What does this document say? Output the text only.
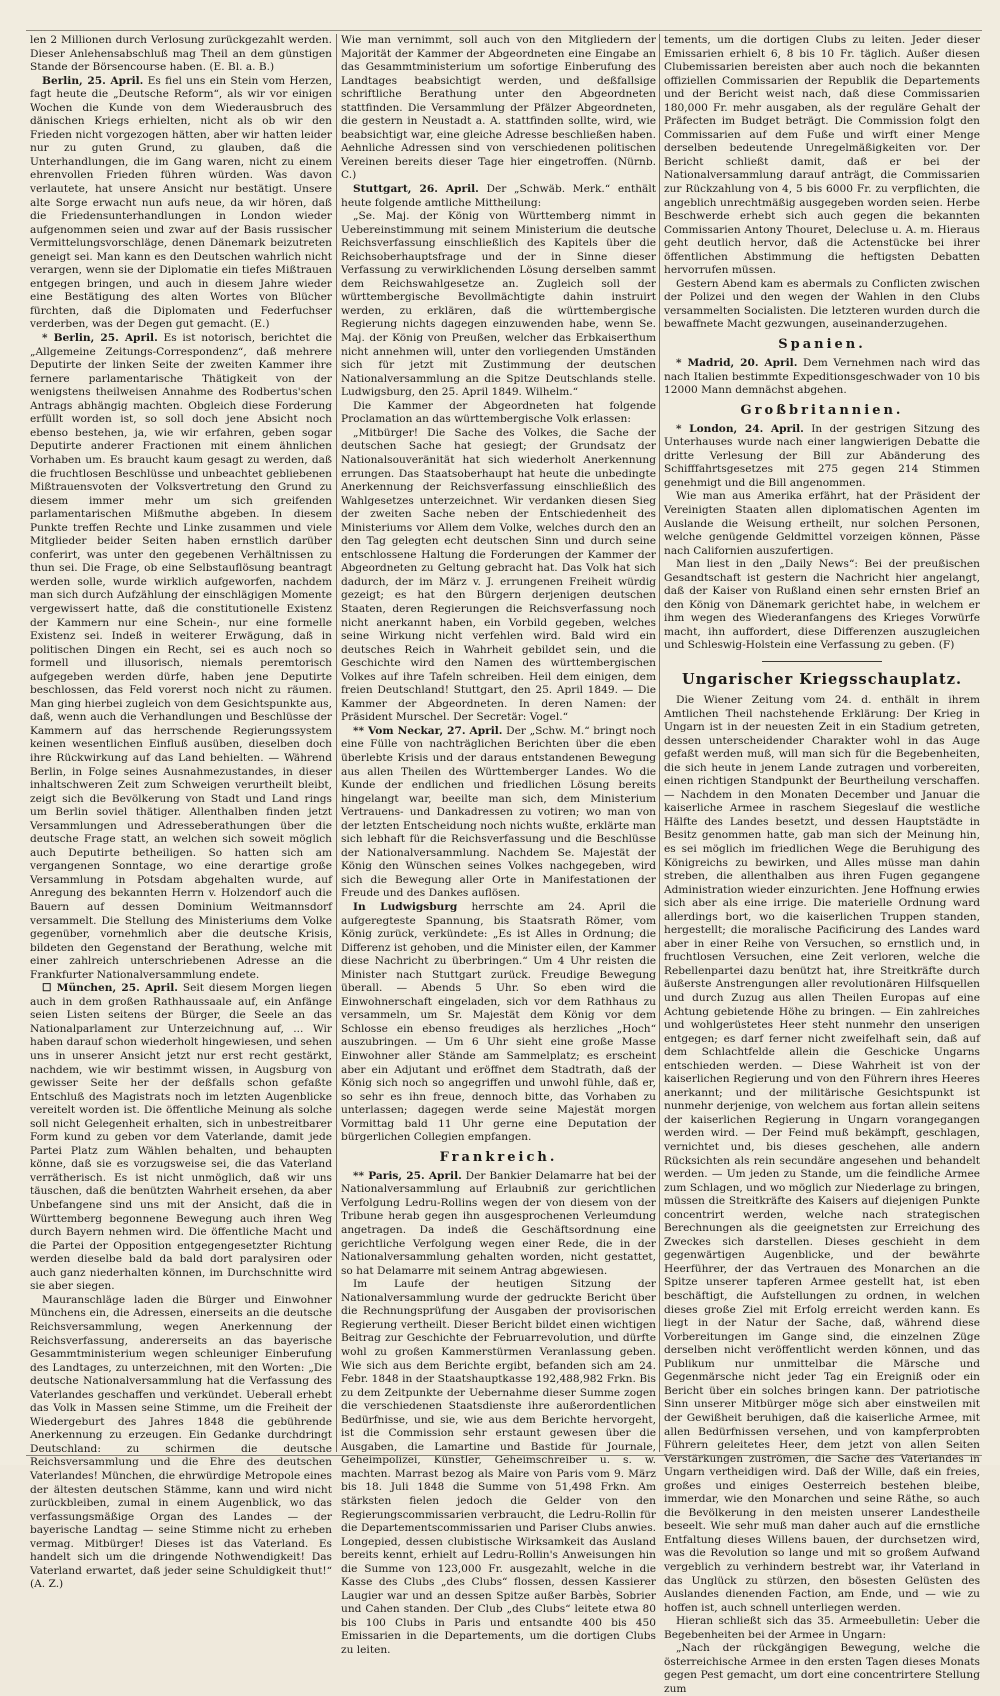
len 2 Millionen durch Verlosung zurückgezahlt werden. Dieser Anlehensabschluß mag Theil an dem günstigen Stande der Börsencourse haben. (E. Bl. a. B.)

Berlin, 25. April. Es fiel uns ein Stein vom Herzen, fagt heute die „Deutsche Reform“, als wir vor einigen Wochen die Kunde von dem Wiederausbruch des dänischen Kriegs erhielten, nicht als ob wir den Frieden nicht vorgezogen hätten, aber wir hatten leider nur zu guten Grund, zu glauben, daß die Unterhandlungen, die im Gang waren, nicht zu einem ehrenvollen Frieden führen würden. Was davon verlautete, hat unsere Ansicht nur bestätigt. Unsere alte Sorge erwacht nun aufs neue, da wir hören, daß die Friedensunterhandlungen in London wieder aufgenommen seien und zwar auf der Basis russischer Vermittelungsvorschläge, denen Dänemark beizutreten geneigt sei. Man kann es den Deutschen wahrlich nicht verargen, wenn sie der Diplomatie ein tiefes Mißtrauen entgegen bringen, und auch in diesem Jahre wieder eine Bestätigung des alten Wortes von Blücher fürchten, daß die Diplomaten und Federfuchser verderben, was der Degen gut gemacht. (E.)

* Berlin, 25. April. Es ist notorisch, berichtet die „Allgemeine Zeitungs-Correspondenz“, daß mehrere Deputirte der linken Seite der zweiten Kammer ihre fernere parlamentarische Thätigkeit von der wenigstens theilweisen Annahme des Rodbertus'schen Antrags abhängig machten. Obgleich diese Forderung erfüllt worden ist, so soll doch jene Absicht noch ebenso bestehen, ja, wie wir erfahren, geben sogar Deputirte anderer Fractionen mit einem ähnlichen Vorhaben um. Es braucht kaum gesagt zu werden, daß die fruchtlosen Beschlüsse und unbeachtet gebliebenen Mißtrauensvoten der Volksvertretung den Grund zu diesem immer mehr um sich greifenden parlamentarischen Mißmuthe abgeben. In diesem Punkte treffen Rechte und Linke zusammen und viele Mitglieder beider Seiten haben ernstlich darüber conferirt, was unter den gegebenen Verhältnissen zu thun sei. Die Frage, ob eine Selbstauflösung beantragt werden solle, wurde wirklich aufgeworfen, nachdem man sich durch Aufzählung der einschlägigen Momente vergewissert hatte, daß die constitutionelle Existenz der Kammern nur eine Schein-, nur eine formelle Existenz sei. Indeß in weiterer Erwägung, daß in politischen Dingen ein Recht, sei es auch noch so formell und illusorisch, niemals peremtorisch aufgegeben werden dürfe, haben jene Deputirte beschlossen, das Feld vorerst noch nicht zu räumen. Man ging hierbei zugleich von dem Gesichtspunkte aus, daß, wenn auch die Verhandlungen und Beschlüsse der Kammern auf das herrschende Regierungssystem keinen wesentlichen Einfluß ausüben, dieselben doch ihre Rückwirkung auf das Land behielten. — Während Berlin, in Folge seines Ausnahmezustandes, in dieser inhaltschweren Zeit zum Schweigen verurtheilt bleibt, zeigt sich die Bevölkerung von Stadt und Land rings um Berlin soviel thätiger. Allenthalben finden jetzt Versammlungen und Adresseberathungen über die deutsche Frage statt, an welchen sich soweit möglich auch Deputirte betheiligen. So hatten sich am vergangenen Sonntage, wo eine derartige große Versammlung in Potsdam abgehalten wurde, auf Anregung des bekannten Herrn v. Holzendorf auch die Bauern auf dessen Dominium Weitmannsdorf versammelt. Die Stellung des Ministeriums dem Volke gegenüber, vornehmlich aber die deutsche Krisis, bildeten den Gegenstand der Berathung, welche mit einer zahlreich unterschriebenen Adresse an die Frankfurter Nationalversammlung endete.

☐ München, 25. April. Seit diesem Morgen liegen auch in dem großen Rathhaussaale auf, ein Anfänge seien Listen seitens der Bürger, die Seele an das Nationalparlament zur Unterzeichnung auf, ... Wir haben darauf schon wiederholt hingewiesen, und sehen uns in unserer Ansicht jetzt nur erst recht gestärkt, nachdem, wie wir bestimmt wissen, in Augsburg von gewisser Seite her der deßfalls schon gefaßte Entschluß des Magistrats noch im letzten Augenblicke vereitelt worden ist. Die öffentliche Meinung als solche soll nicht Gelegenheit erhalten, sich in unbestreitbarer Form kund zu geben vor dem Vaterlande, damit jede Partei Platz zum Wählen behalten, und behaupten könne, daß sie es vorzugsweise sei, die das Vaterland verrätherisch. Es ist nicht unmöglich, daß wir uns täuschen, daß die benützten Wahrheit ersehen, da aber Unbefangene sind uns mit der Ansicht, daß die in Württemberg begonnene Bewegung auch ihren Weg durch Bayern nehmen wird. Die öffentliche Macht und die Partei der Opposition entgegengesetzter Richtung werden dieselbe bald da bald dort paralysiren oder auch ganz niederhalten können, im Durchschnitte wird sie aber siegen.

Mauranschläge laden die Bürger und Einwohner Münchens ein, die Adressen, einerseits an die deutsche Reichsversammlung, wegen Anerkennung der Reichsverfassung, andererseits an das bayerische Gesammtministerium wegen schleuniger Einberufung des Landtages, zu unterzeichnen, mit den Worten: „Die deutsche Nationalversammlung hat die Verfassung des Vaterlandes geschaffen und verkündet. Ueberall erhebt das Volk in Massen seine Stimme, um die Freiheit der Wiedergeburt des Jahres 1848 die gebührende Anerkennung zu erzeugen. Ein Gedanke durchdringt Deutschland: zu schirmen die deutsche Reichsversammlung und die Ehre des deutschen Vaterlandes! München, die ehrwürdige Metropole eines der ältesten deutschen Stämme, kann und wird nicht zurückbleiben, zumal in einem Augenblick, wo das verfassungsmäßige Organ des Landes — der bayerische Landtag — seine Stimme nicht zu erheben vermag. Mitbürger! Dieses ist das Vaterland. Es handelt sich um die dringende Nothwendigkeit! Das Vaterland erwartet, daß jeder seine Schuldigkeit thut!“ (A. Z.)

Wie man vernimmt, soll auch von den Mitgliedern der Majorität der Kammer der Abgeordneten eine Eingabe an das Gesammtministerium um sofortige Einberufung des Landtages beabsichtigt werden, und deßfallsige schriftliche Berathung unter den Abgeordneten stattfinden. Die Versammlung der Pfälzer Abgeordneten, die gestern in Neustadt a. A. stattfinden sollte, wird, wie beabsichtigt war, eine gleiche Adresse beschließen haben. Aehnliche Adressen sind von verschiedenen politischen Vereinen bereits dieser Tage hier eingetroffen. (Nürnb. C.)

Stuttgart, 26. April. Der „Schwäb. Merk.“ enthält heute folgende amtliche Mittheilung:

„Se. Maj. der König von Württemberg nimmt in Uebereinstimmung mit seinem Ministerium die deutsche Reichsverfassung einschließlich des Kapitels über die Reichsoberhauptsfrage und der in Sinne dieser Verfassung zu verwirklichenden Lösung derselben sammt dem Reichswahlgesetze an. Zugleich soll der württembergische Bevollmächtigte dahin instruirt werden, zu erklären, daß die württembergische Regierung nichts dagegen einzuwenden habe, wenn Se. Maj. der König von Preußen, welcher das Erbkaiserthum nicht annehmen will, unter den vorliegenden Umständen sich für jetzt mit Zustimmung der deutschen Nationalversammlung an die Spitze Deutschlands stelle. Ludwigsburg, den 25. April 1849. Wilhelm.“

Die Kammer der Abgeordneten hat folgende Proclamation an das württembergische Volk erlassen:

„Mitbürger! Die Sache des Volkes, die Sache der deutschen Sache hat gesiegt; der Grundsatz der Nationalsouveränität hat sich wiederholt Anerkennung errungen. Das Staatsoberhaupt hat heute die unbedingte Anerkennung der Reichsverfassung einschließlich des Wahlgesetzes unterzeichnet. Wir verdanken diesen Sieg der zweiten Sache neben der Entschiedenheit des Ministeriums vor Allem dem Volke, welches durch den an den Tag gelegten echt deutschen Sinn und durch seine entschlossene Haltung die Forderungen der Kammer der Abgeordneten zu Geltung gebracht hat. Das Volk hat sich dadurch, der im März v. J. errungenen Freiheit würdig gezeigt; es hat den Bürgern derjenigen deutschen Staaten, deren Regierungen die Reichsverfassung noch nicht anerkannt haben, ein Vorbild gegeben, welches seine Wirkung nicht verfehlen wird. Bald wird ein deutsches Reich in Wahrheit gebildet sein, und die Geschichte wird den Namen des württembergischen Volkes auf ihre Tafeln schreiben. Heil dem einigen, dem freien Deutschland! Stuttgart, den 25. April 1849. — Die Kammer der Abgeordneten. In deren Namen: der Präsident Murschel. Der Secretär: Vogel.“

** Vom Neckar, 27. April. Der „Schw. M.“ bringt noch eine Fülle von nachträglichen Berichten über die eben überlebte Krisis und der daraus entstandenen Bewegung aus allen Theilen des Württemberger Landes. Wo die Kunde der endlichen und friedlichen Lösung bereits hingelangt war, beeilte man sich, dem Ministerium Vertrauens- und Dankadressen zu votiren; wo man von der letzten Entscheidung noch nichts wußte, erklärte man sich lebhaft für die Reichsverfassung und die Beschlüsse der Nationalversammlung. Nachdem Se. Majestät der König den Wünschen seines Volkes nachgegeben, wird sich die Bewegung aller Orte in Manifestationen der Freude und des Dankes auflösen.

In Ludwigsburg herrschte am 24. April die aufgeregteste Spannung, bis Staatsrath Römer, vom König zurück, verkündete: „Es ist Alles in Ordnung; die Differenz ist gehoben, und die Minister eilen, der Kammer diese Nachricht zu überbringen.“ Um 4 Uhr reisten die Minister nach Stuttgart zurück. Freudige Bewegung überall. — Abends 5 Uhr. So eben wird die Einwohnerschaft eingeladen, sich vor dem Rathhaus zu versammeln, um Sr. Majestät dem König vor dem Schlosse ein ebenso freudiges als herzliches „Hoch“ auszubringen. — Um 6 Uhr sieht eine große Masse Einwohner aller Stände am Sammelplatz; es erscheint aber ein Adjutant und eröffnet dem Stadtrath, daß der König sich noch so angegriffen und unwohl fühle, daß er, so sehr es ihn freue, dennoch bitte, das Vorhaben zu unterlassen; dagegen werde seine Majestät morgen Vormittag bald 11 Uhr gerne eine Deputation der bürgerlichen Collegien empfangen.

Frankreich.

** Paris, 25. April. Der Bankier Delamarre hat bei der Nationalversammlung auf Erlaubniß zur gerichtlichen Verfolgung Ledru-Rollins wegen der von diesem von der Tribune herab gegen ihn ausgesprochenen Verleumdung angetragen. Da indeß die Geschäftsordnung eine gerichtliche Verfolgung wegen einer Rede, die in der Nationalversammlung gehalten worden, nicht gestattet, so hat Delamarre mit seinem Antrag abgewiesen.

Im Laufe der heutigen Sitzung der Nationalversammlung wurde der gedruckte Bericht über die Rechnungsprüfung der Ausgaben der provisorischen Regierung vertheilt. Dieser Bericht bildet einen wichtigen Beitrag zur Geschichte der Februarrevolution, und dürfte wohl zu großen Kammerstürmen Veranlassung geben. Wie sich aus dem Berichte ergibt, befanden sich am 24. Febr. 1848 in der Staatshauptkasse 192,488,982 Frkn. Bis zu dem Zeitpunkte der Uebernahme dieser Summe zogen die verschiedenen Staatsdienste ihre außerordentlichen Bedürfnisse, und sie, wie aus dem Berichte hervorgeht, ist die Commission sehr erstaunt gewesen über die Ausgaben, die Lamartine und Bastide für Journale, Geheimpolizei, Künstler, Geheimschreiber u. s. w. machten. Marrast bezog als Maire von Paris vom 9. März bis 18. Juli 1848 die Summe von 51,498 Frkn. Am stärksten fielen jedoch die Gelder von den Regierungscommissarien verbraucht, die Ledru-Rollin für die Departementscommissarien und Pariser Clubs anwies. Longepied, dessen clubistische Wirksamkeit das Ausland bereits kennt, erhielt auf Ledru-Rollin's Anweisungen hin die Summe von 123,000 Fr. ausgezahlt, welche in die Kasse des Clubs „des Clubs“ flossen, dessen Kassierer Laugier war und an dessen Spitze außer Barbès, Sobrier und Cahen standen. Der Club „des Clubs“ leitete etwa 80 bis 100 Clubs in Paris und entsandte 400 bis 450 Emissarien in die Departements, um die dortigen Clubs zu leiten.

tements, um die dortigen Clubs zu leiten. Jeder dieser Emissarien erhielt 6, 8 bis 10 Fr. täglich. Außer diesen Clubemissarien bereisten aber auch noch die bekannten offiziellen Commissarien der Republik die Departements und der Bericht weist nach, daß diese Commissarien 180,000 Fr. mehr ausgaben, als der reguläre Gehalt der Präfecten im Budget beträgt. Die Commission folgt den Commissarien auf dem Fuße und wirft einer Menge derselben bedeutende Unregelmäßigkeiten vor. Der Bericht schließt damit, daß er bei der Nationalversammlung darauf anträgt, die Commissarien zur Rückzahlung von 4, 5 bis 6000 Fr. zu verpflichten, die angeblich unrechtmäßig ausgegeben worden seien. Herbe Beschwerde erhebt sich auch gegen die bekannten Commissarien Antony Thouret, Delecluse u. A. m. Hieraus geht deutlich hervor, daß die Actenstücke bei ihrer öffentlichen Abstimmung die heftigsten Debatten hervorrufen müssen.

Gestern Abend kam es abermals zu Conflicten zwischen der Polizei und den wegen der Wahlen in den Clubs versammelten Socialisten. Die letzteren wurden durch die bewaffnete Macht gezwungen, auseinanderzugehen.

Spanien.

* Madrid, 20. April. Dem Vernehmen nach wird das nach Italien bestimmte Expeditionsgeschwader von 10 bis 12000 Mann demnächst abgehen.

Großbritannien.

* London, 24. April. In der gestrigen Sitzung des Unterhauses wurde nach einer langwierigen Debatte die dritte Verlesung der Bill zur Abänderung des Schifffahrtsgesetzes mit 275 gegen 214 Stimmen genehmigt und die Bill angenommen.

Wie man aus Amerika erfährt, hat der Präsident der Vereinigten Staaten allen diplomatischen Agenten im Auslande die Weisung ertheilt, nur solchen Personen, welche genügende Geldmittel vorzeigen können, Pässe nach Californien auszufertigen.

Man liest in den „Daily News“: Bei der preußischen Gesandtschaft ist gestern die Nachricht hier angelangt, daß der Kaiser von Rußland einen sehr ernsten Brief an den König von Dänemark gerichtet habe, in welchem er ihm wegen des Wiederanfangens des Krieges Vorwürfe macht, ihn auffordert, diese Differenzen auszugleichen und Schleswig-Holstein eine Verfassung zu geben. (F)

Ungarischer Kriegsschauplatz.

Die Wiener Zeitung vom 24. d. enthält in ihrem Amtlichen Theil nachstehende Erklärung: Der Krieg in Ungarn ist in der neuesten Zeit in ein Stadium getreten, dessen unterscheidender Charakter wohl in das Auge gefaßt werden muß, will man sich für die Begebenheiten, die sich heute in jenem Lande zutragen und vorbereiten, einen richtigen Standpunkt der Beurtheilung verschaffen. — Nachdem in den Monaten December und Januar die kaiserliche Armee in raschem Siegeslauf die westliche Hälfte des Landes besetzt, und dessen Hauptstädte in Besitz genommen hatte, gab man sich der Meinung hin, es sei möglich im friedlichen Wege die Beruhigung des Königreichs zu bewirken, und Alles müsse man dahin streben, die allenthalben aus ihren Fugen gegangene Administration wieder einzurichten. Jene Hoffnung erwies sich aber als eine irrige. Die materielle Ordnung ward allerdings bort, wo die kaiserlichen Truppen standen, hergestellt; die moralische Pacificirung des Landes ward aber in einer Reihe von Versuchen, so ernstlich und, in fruchtlosen Versuchen, eine Zeit verloren, welche die Rebellenpartei dazu benützt hat, ihre Streitkräfte durch äußerste Anstrengungen aller revolutionären Hilfsquellen und durch Zuzug aus allen Theilen Europas auf eine Achtung gebietende Höhe zu bringen. — Ein zahlreiches und wohlgerüstetes Heer steht nunmehr den unserigen entgegen; es darf ferner nicht zweifelhaft sein, daß auf dem Schlachtfelde allein die Geschicke Ungarns entschieden werden. — Diese Wahrheit ist von der kaiserlichen Regierung und von den Führern ihres Heeres anerkannt; und der militärische Gesichtspunkt ist nunmehr derjenige, von welchem aus fortan allein seitens der kaiserlichen Regierung in Ungarn vorangegangen werden wird. — Der Feind muß bekämpft, geschlagen, vernichtet und, bis dieses geschehen, alle andern Rücksichten als rein secundäre angesehen und behandelt werden. — Um jeden zu Stande, um die feindliche Armee zum Schlagen, und wo möglich zur Niederlage zu bringen, müssen die Streitkräfte des Kaisers auf diejenigen Punkte concentrirt werden, welche nach strategischen Berechnungen als die geeignetsten zur Erreichung des Zweckes sich darstellen. Dieses geschieht in dem gegenwärtigen Augenblicke, und der bewährte Heerführer, der das Vertrauen des Monarchen an die Spitze unserer tapferen Armee gestellt hat, ist eben beschäftigt, die Aufstellungen zu ordnen, in welchen dieses große Ziel mit Erfolg erreicht werden kann. Es liegt in der Natur der Sache, daß, während diese Vorbereitungen im Gange sind, die einzelnen Züge derselben nicht veröffentlicht werden können, und das Publikum nur unmittelbar die Märsche und Gegenmärsche nicht jeder Tag ein Ereigniß oder ein Bericht über ein solches bringen kann. Der patriotische Sinn unserer Mitbürger möge sich aber einstweilen mit der Gewißheit beruhigen, daß die kaiserliche Armee, mit allen Bedürfnissen versehen, und von kampferprobten Führern geleitetes Heer, dem jetzt von allen Seiten Verstärkungen zuströmen, die Sache des Vaterlandes in Ungarn vertheidigen wird. Daß der Wille, daß ein freies, großes und einiges Oesterreich bestehen bleibe, immerdar, wie den Monarchen und seine Räthe, so auch die Bevölkerung in den meisten unserer Landestheile beseelt. Wie sehr muß man daher auch auf die ernstliche Entfaltung dieses Willens bauen, der durchsetzen wird, was die Revolution so lange und mit so großem Aufwand vergeblich zu verhindern bestrebt war, ihr Vaterland in das Unglück zu stürzen, den bösesten Gelüsten des Auslandes dienenden Faction, am Ende, und — wie zu hoffen ist, auch schnell unterliegen werden.

Hieran schließt sich das 35. Armeebulletin: Ueber die Begebenheiten bei der Armee in Ungarn:

„Nach der rückgängigen Bewegung, welche die österreichische Armee in den ersten Tagen dieses Monats gegen Pest gemacht, um dort eine concentrirtere Stellung zum
